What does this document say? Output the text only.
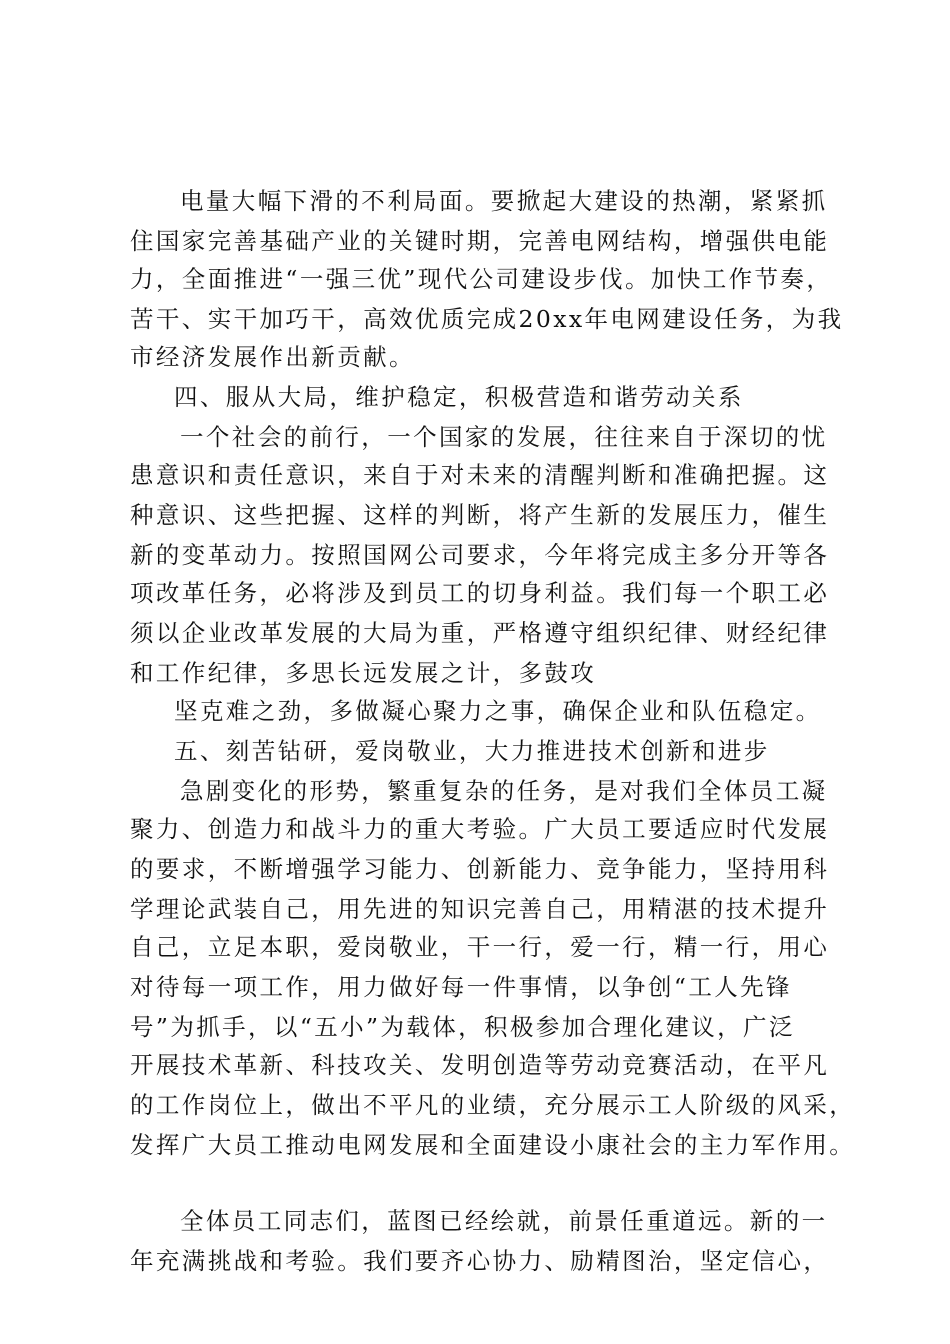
电量大幅下滑的不利局面。要掀起大建设的热潮，紧紧抓
住国家完善基础产业的关键时期，完善电网结构，增强供电能
力，全面推进“一强三优”现代公司建设步伐。加快工作节奏，
苦干、实干加巧干，高效优质完成20xx年电网建设任务，为我
市经济发展作出新贡献。
四、服从大局，维护稳定，积极营造和谐劳动关系
一个社会的前行，一个国家的发展，往往来自于深切的忧
患意识和责任意识，来自于对未来的清醒判断和准确把握。这
种意识、这些把握、这样的判断，将产生新的发展压力，催生
新的变革动力。按照国网公司要求，今年将完成主多分开等各
项改革任务，必将涉及到员工的切身利益。我们每一个职工必
须以企业改革发展的大局为重，严格遵守组织纪律、财经纪律
和工作纪律，多思长远发展之计，多鼓攻
坚克难之劲，多做凝心聚力之事，确保企业和队伍稳定。
五、刻苦钻研，爱岗敬业，大力推进技术创新和进步
急剧变化的形势，繁重复杂的任务，是对我们全体员工凝
聚力、创造力和战斗力的重大考验。广大员工要适应时代发展
的要求，不断增强学习能力、创新能力、竞争能力，坚持用科
学理论武装自己，用先进的知识完善自己，用精湛的技术提升
自己，立足本职，爱岗敬业，干一行，爱一行，精一行，用心
对待每一项工作，用力做好每一件事情，以争创“工人先锋
号”为抓手，以“五小”为载体，积极参加合理化建议，广泛
开展技术革新、科技攻关、发明创造等劳动竞赛活动，在平凡
的工作岗位上，做出不平凡的业绩，充分展示工人阶级的风采，
发挥广大员工推动电网发展和全面建设小康社会的主力军作用。
全体员工同志们，蓝图已经绘就，前景任重道远。新的一
年充满挑战和考验。我们要齐心协力、励精图治，坚定信心，
